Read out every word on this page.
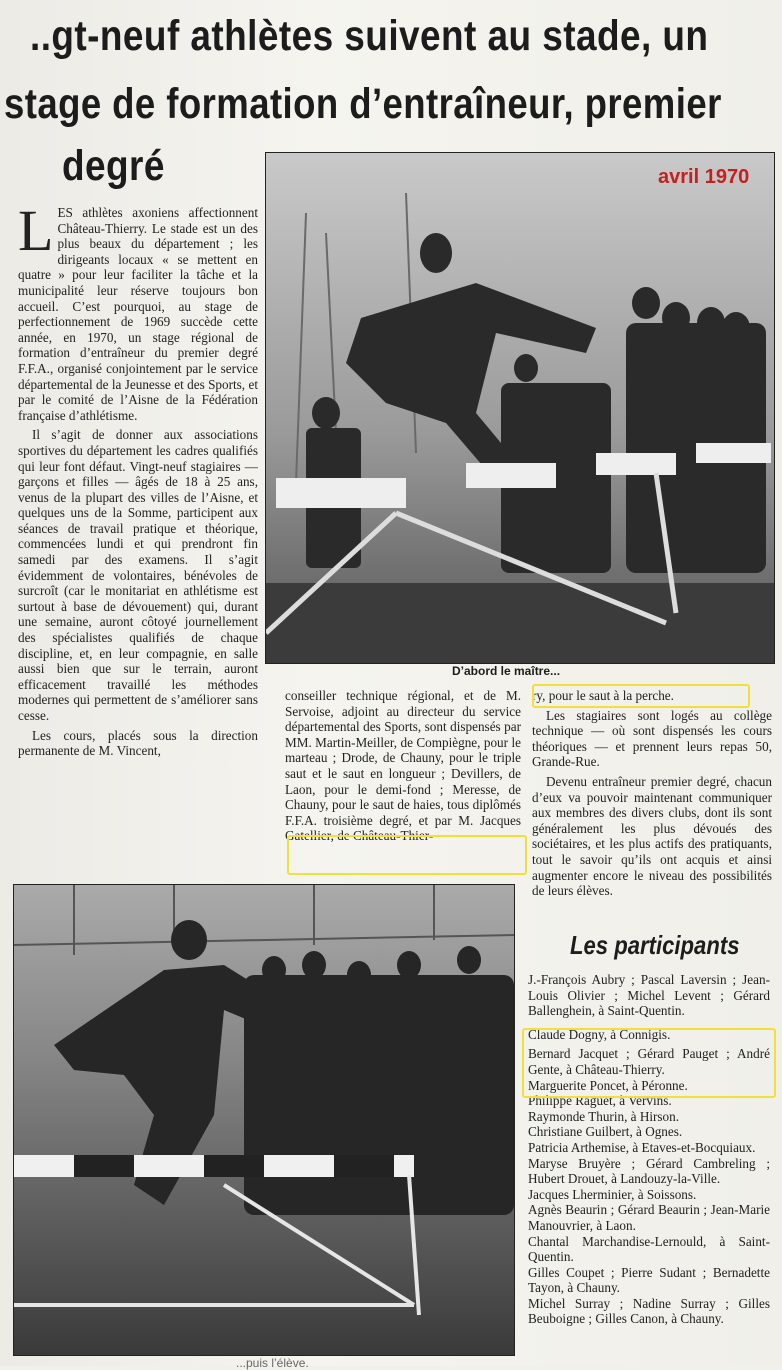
..gt-neuf athlètes suivent au stade, un
stage de formation d’entraîneur, premier
degré

LES athlètes axoniens affectionnent Château-Thierry. Le stade est un des plus beaux du département ; les dirigeants locaux « se mettent en quatre » pour leur faciliter la tâche et la municipalité leur réserve toujours bon accueil. C’est pourquoi, au stage de perfectionnement de 1969 succède cette année, en 1970, un stage régional de formation d’entraîneur du premier degré F.F.A., organisé conjointement par le service départemental de la Jeunesse et des Sports, et par le comité de l’Aisne de la Fédération française d’athlétisme.

Il s’agit de donner aux associations sportives du département les cadres qualifiés qui leur font défaut. Vingt-neuf stagiaires — garçons et filles — âgés de 18 à 25 ans, venus de la plupart des villes de l’Aisne, et quelques uns de la Somme, participent aux séances de travail pratique et théorique, commencées lundi et qui prendront fin samedi par des examens. Il s’agit évidemment de volontaires, bénévoles de surcroît (car le monitariat en athlétisme est surtout à base de dévouement) qui, durant une semaine, auront côtoyé journellement des spécialistes qualifiés de chaque discipline, et, en leur compagnie, en salle aussi bien que sur le terrain, auront efficacement travaillé les méthodes modernes qui permettent de s’améliorer sans cesse.

Les cours, placés sous la direction permanente de M. Vincent,

avril 1970
D’abord le maître...

conseiller technique régional, et de M. Servoise, adjoint au directeur du service départemental des Sports, sont dispensés par MM. Martin-Meiller, de Compiègne, pour le marteau ; Drode, de Chauny, pour le triple saut et le saut en longueur ; Devillers, de Laon, pour le demi-fond ; Meresse, de Chauny, pour le saut de haies, tous diplômés F.F.A. troisième degré, et par M. Jacques Gatellier, de Château-Thier-

ry, pour le saut à la perche.

Les stagiaires sont logés au collège technique — où sont dispensés les cours théoriques — et prennent leurs repas 50, Grande-Rue.

Devenu entraîneur premier degré, chacun d’eux va pouvoir maintenant communiquer aux membres des divers clubs, dont ils sont généralement les plus dévoués des sociétaires, et les plus actifs des pratiquants, tout le savoir qu’ils ont acquis et ainsi augmenter encore le niveau des possibilités de leurs élèves.

...puis l’élève.
Les participants
J.-François Aubry ; Pascal Laversin ; Jean-Louis Olivier ; Michel Levent ; Gérard Ballenghein, à Saint-Quentin.
Claude Dogny, à Connigis.
Bernard Jacquet ; Gérard Pauget ; André Gente, à Château-Thierry.
Marguerite Poncet, à Péronne.
Philippe Raguet, à Vervins.
Raymonde Thurin, à Hirson.
Christiane Guilbert, à Ognes.
Patricia Arthemise, à Etaves-et-Bocquiaux.
Maryse Bruyère ; Gérard Cambreling ; Hubert Drouet, à Landouzy-la-Ville.
Jacques Lherminier, à Soissons.
Agnès Beaurin ; Gérard Beaurin ; Jean-Marie Manouvrier, à Laon.
Chantal Marchandise-Lernould, à Saint-Quentin.
Gilles Coupet ; Pierre Sudant ; Bernadette Tayon, à Chauny.
Michel Surray ; Nadine Surray ; Gilles Beuboigne ; Gilles Canon, à Chauny.
